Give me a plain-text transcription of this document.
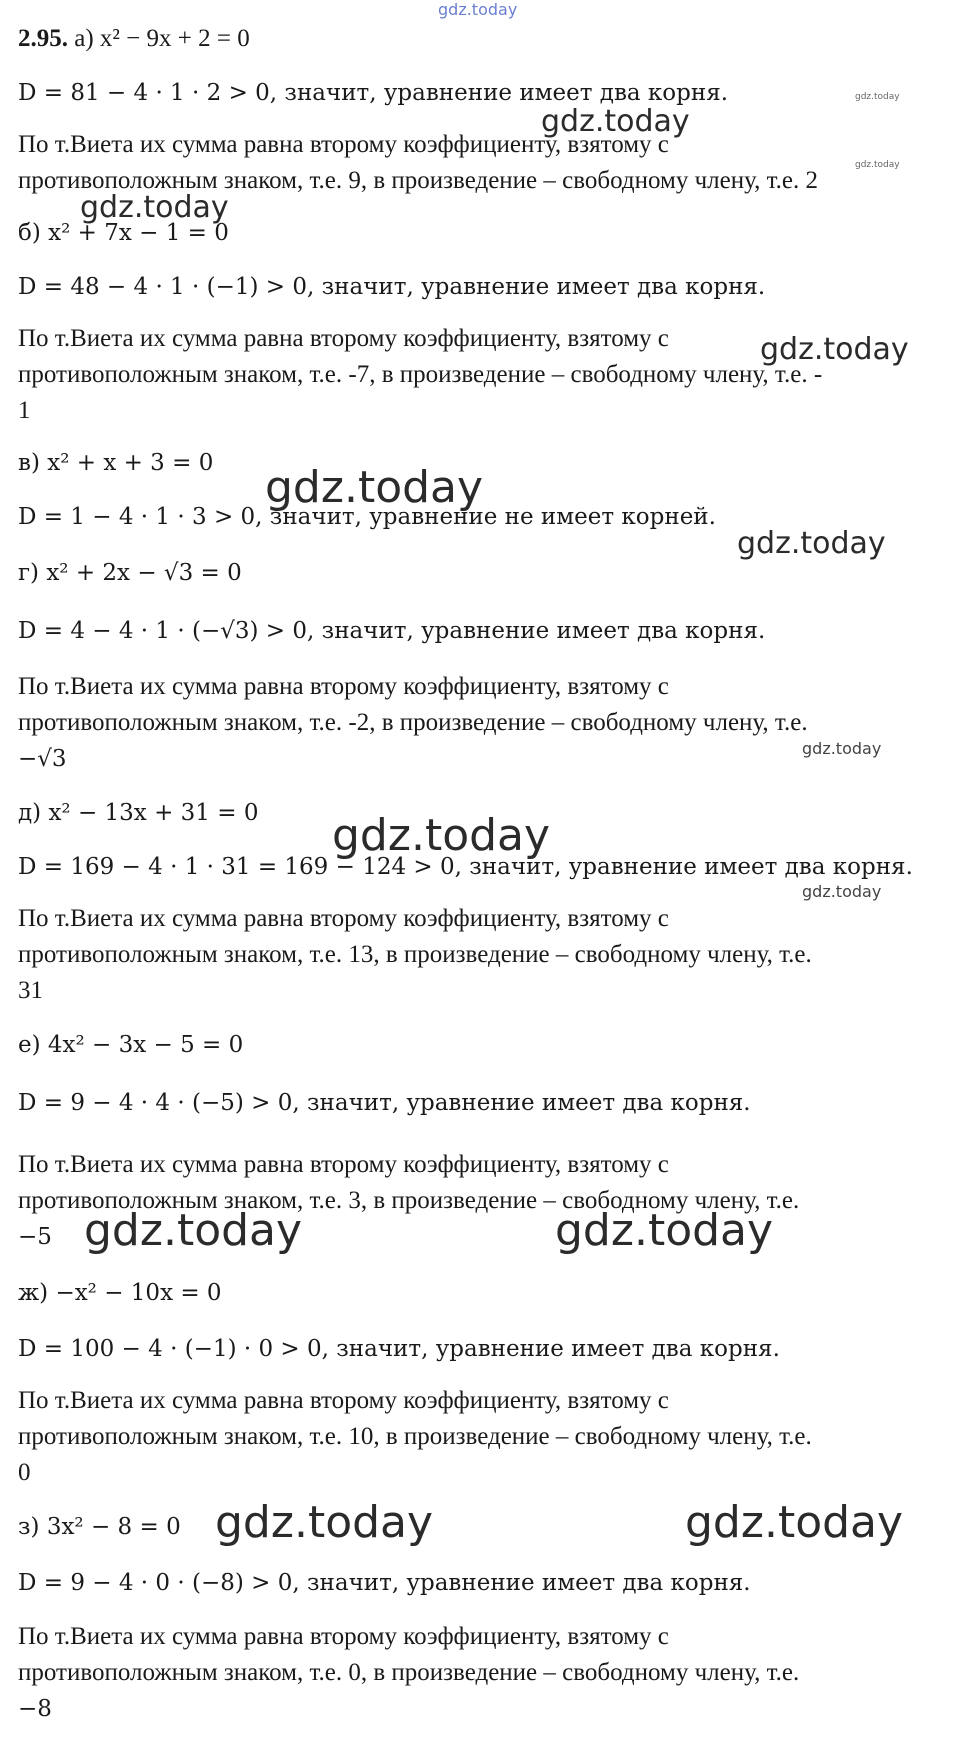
gdz.today
gdz.today
gdz.today
gdz.today
gdz.today
gdz.today
gdz.today
gdz.today
gdz.today
gdz.today
gdz.today
gdz.today	gdz.today
gdz.today	gdz.today
2.95. а) x² − 9x + 2 = 0
D = 81 − 4 · 1 · 2 > 0, значит, уравнение имеет два корня.
По т.Виета их сумма равна второму коэффициенту, взятому с
противоположным знаком, т.е. 9, в произведение – свободному члену, т.е. 2
б) x² + 7x − 1 = 0
D = 48 − 4 · 1 · (−1) > 0, значит, уравнение имеет два корня.
По т.Виета их сумма равна второму коэффициенту, взятому с
противоположным знаком, т.е. -7, в произведение – свободному члену, т.е. -
1
в) x² + x + 3 = 0
D = 1 − 4 · 1 · 3 > 0, значит, уравнение не имеет корней.
г) x² + 2x − √3 = 0
D = 4 − 4 · 1 · (−√3) > 0, значит, уравнение имеет два корня.
По т.Виета их сумма равна второму коэффициенту, взятому с
противоположным знаком, т.е. -2, в произведение – свободному члену, т.е.
−√3
д) x² − 13x + 31 = 0
D = 169 − 4 · 1 · 31 = 169 − 124 > 0, значит, уравнение имеет два корня.
По т.Виета их сумма равна второму коэффициенту, взятому с
противоположным знаком, т.е. 13, в произведение – свободному члену, т.е.
31
е) 4x² − 3x − 5 = 0
D = 9 − 4 · 4 · (−5) > 0, значит, уравнение имеет два корня.
По т.Виета их сумма равна второму коэффициенту, взятому с
противоположным знаком, т.е. 3, в произведение – свободному члену, т.е.
−5
ж) −x² − 10x = 0
D = 100 − 4 · (−1) · 0 > 0, значит, уравнение имеет два корня.
По т.Виета их сумма равна второму коэффициенту, взятому с
противоположным знаком, т.е. 10, в произведение – свободному члену, т.е.
0
з) 3x² − 8 = 0
D = 9 − 4 · 0 · (−8) > 0, значит, уравнение имеет два корня.
По т.Виета их сумма равна второму коэффициенту, взятому с
противоположным знаком, т.е. 0, в произведение – свободному члену, т.е.
−8
